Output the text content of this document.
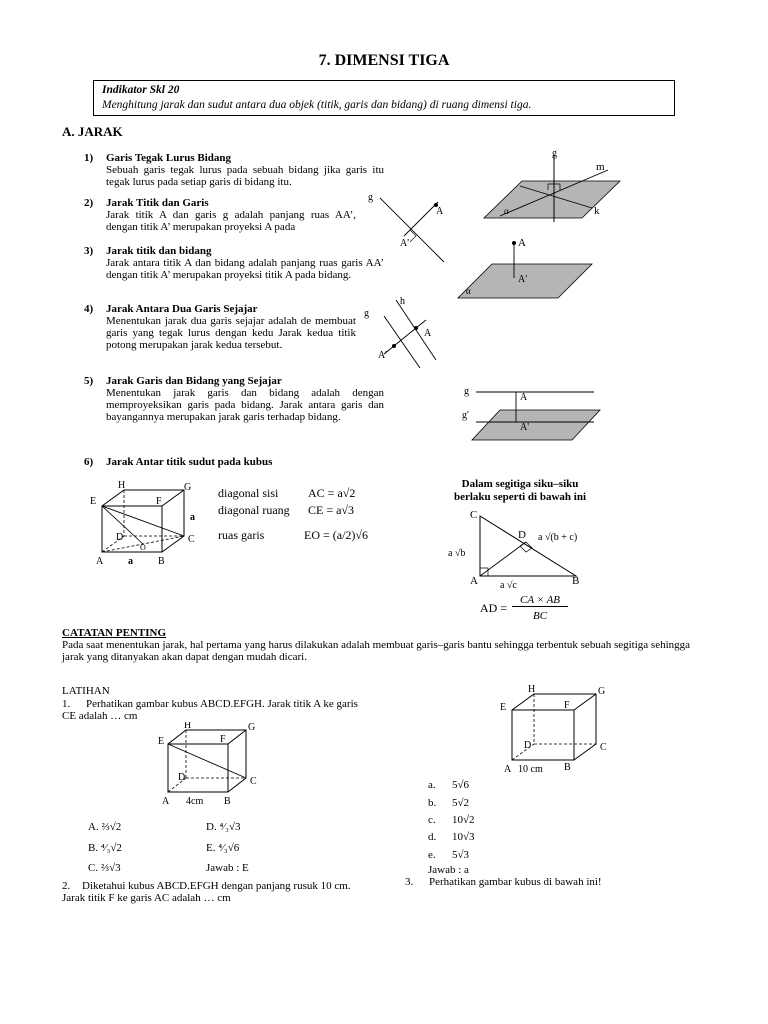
7. DIMENSI TIGA
Indikator Skl 20
Menghitung jarak dan sudut antara dua objek (titik, garis dan bidang) di ruang dimensi tiga.
A. JARAK
1) Garis Tegak Lurus Bidang
Sebuah garis tegak lurus pada sebuah bidang jika garis itu tegak lurus pada setiap garis di bidang itu.
2) Jarak Titik dan Garis
Jarak titik A dan garis g adalah panjang ruas AA’, dengan titik A’ merupakan proyeksi A pada
3) Jarak titik dan bidang
Jarak antara titik A dan bidang adalah panjang ruas garis AA’ dengan titik A’ merupakan proyeksi titik A pada bidang.
4) Jarak Antara Dua Garis Sejajar
Menentukan jarak dua garis sejajar adalah de membuat garis yang tegak lurus dengan kedu Jarak kedua titik potong merupakan jarak kedua tersebut.
5) Jarak Garis dan Bidang yang Sejajar
Menentukan jarak garis dan bidang adalah dengan memproyeksikan garis pada bidang. Jarak antara garis dan bayangannya merupakan jarak garis terhadap bidang.
6) Jarak Antar titik sudut pada kubus
g
m
k
α
g
A
A'	A
A'
α
g
h
A
A'
g
g'
A
A'
H	G
E	F
D	C
A	B
O
a
a
diagonal sisi AC = a√2
diagonal ruang CE = a√3
ruas garis	EO = (a/2)√6
Dalam segitiga siku–siku
berlaku seperti di bawah ini
C
D
A	B
a √b
a √c
a √(b + c)
AD =
CA × AB
BC
CATATAN PENTING
Pada saat menentukan jarak, hal pertama yang harus dilakukan adalah membuat garis–garis bantu sehingga terbentuk sebuah segitiga sehingga jarak yang ditanyakan akan dapat dengan mudah dicari.
LATIHAN
1. Perhatikan gambar kubus ABCD.EFGH. Jarak titik A ke garis CE adalah … cm
H	G
E	F
D	C
A	B
4cm
A. ⅔√2
B. ⁴⁄₃√2
C. ⅔√3
D. ⁴⁄₃√3
E. ⁴⁄₃√6
Jawab : E
2. Diketahui kubus ABCD.EFGH dengan panjang rusuk 10 cm. Jarak titik F ke garis AC adalah … cm
H	G
E	F
D	C
A	B
10 cm
a. 5√6
b. 5√2
c. 10√2
d. 10√3
e. 5√3
Jawab : a
3. Perhatikan gambar kubus di bawah ini!
